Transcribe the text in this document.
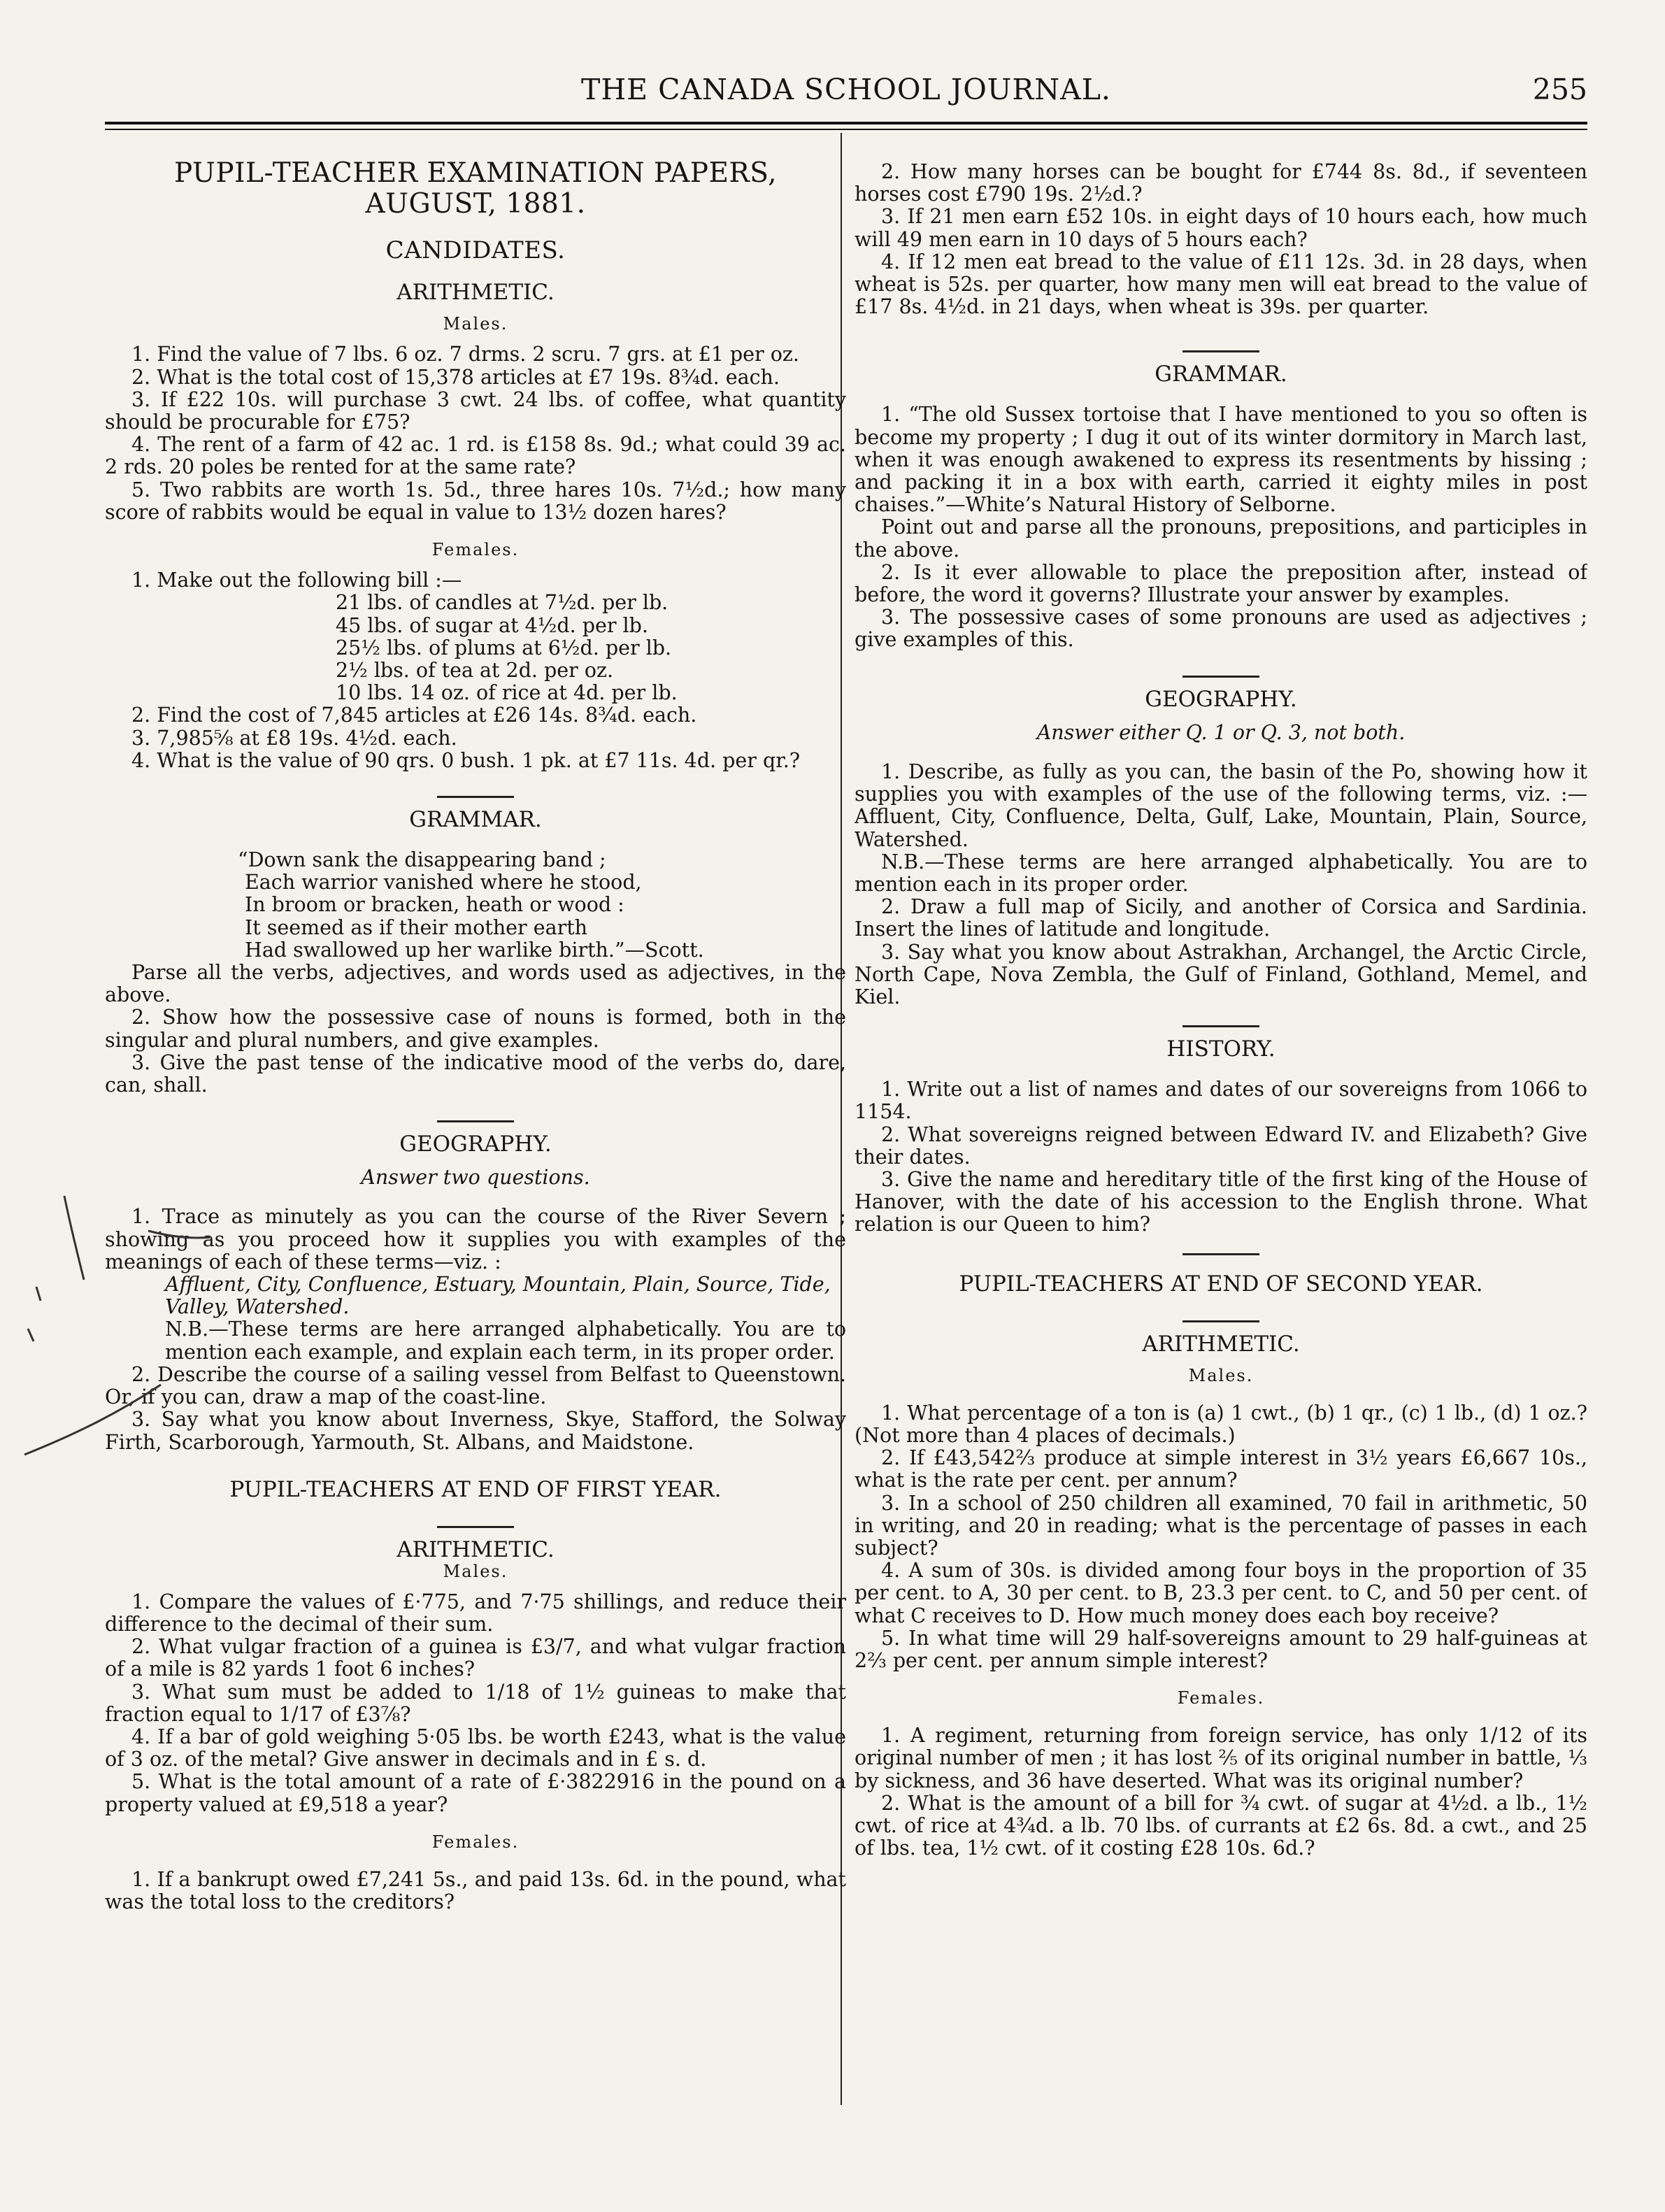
THE CANADA SCHOOL JOURNAL.	255
PUPIL-TEACHER EXAMINATION PAPERS,
AUGUST, 1881.
CANDIDATES.
ARITHMETIC.
Males.

1. Find the value of 7 lbs. 6 oz. 7 drms. 2 scru. 7 grs. at £1 per oz.

2. What is the total cost of 15,378 articles at £7 19s. 8¾d. each.

3. If £22 10s. will purchase 3 cwt. 24 lbs. of coffee, what quantity should be procurable for £75?

4. The rent of a farm of 42 ac. 1 rd. is £158 8s. 9d.; what could 39 ac. 2 rds. 20 poles be rented for at the same rate?

5. Two rabbits are worth 1s. 5d., three hares 10s. 7½d.; how many score of rabbits would be equal in value to 13½ dozen hares?

Females.

1. Make out the following bill :—

21 lbs. of candles at 7½d. per lb.
45 lbs. of sugar at 4½d. per lb.
25½ lbs. of plums at 6½d. per lb.
2½ lbs. of tea at 2d. per oz.
10 lbs. 14 oz. of rice at 4d. per lb.

2. Find the cost of 7,845 articles at £26 14s. 8¾d. each.

3. 7,985⅝ at £8 19s. 4½d. each.

4. What is the value of 90 qrs. 0 bush. 1 pk. at £7 11s. 4d. per qr.?

GRAMMAR.
“Down sank the disappearing band ;
Each warrior vanished where he stood,
In broom or bracken, heath or wood :
It seemed as if their mother earth
Had swallowed up her warlike birth.”—Scott.

Parse all the verbs, adjectives, and words used as adjectives, in the above.

2. Show how the possessive case of nouns is formed, both in the singular and plural numbers, and give examples.

3. Give the past tense of the indicative mood of the verbs do, dare, can, shall.

GEOGRAPHY.
Answer two questions.

1. Trace as minutely as you can the course of the River Severn ; showing as you proceed how it supplies you with examples of the meanings of each of these terms—viz. :

Affluent, City, Confluence, Estuary, Mountain, Plain, Source, Tide, Valley, Watershed.

N.B.—These terms are here arranged alphabetically. You are to mention each example, and explain each term, in its proper order.

2. Describe the course of a sailing vessel from Belfast to Queenstown. Or, if you can, draw a map of the coast-line.

3. Say what you know about Inverness, Skye, Stafford, the Solway Firth, Scarborough, Yarmouth, St. Albans, and Maidstone.

PUPIL-TEACHERS AT END OF FIRST YEAR.
ARITHMETIC.
Males.

1. Compare the values of £·775, and 7·75 shillings, and reduce their difference to the decimal of their sum.

2. What vulgar fraction of a guinea is £3/7, and what vulgar fraction of a mile is 82 yards 1 foot 6 inches?

3. What sum must be added to 1/18 of 1½ guineas to make that fraction equal to 1/17 of £3⅞?

4. If a bar of gold weighing 5·05 lbs. be worth £243, what is the value of 3 oz. of the metal? Give answer in decimals and in £ s. d.

5. What is the total amount of a rate of £·3822916 in the pound on a property valued at £9,518 a year?

Females.

1. If a bankrupt owed £7,241 5s., and paid 13s. 6d. in the pound, what was the total loss to the creditors?

2. How many horses can be bought for £744 8s. 8d., if seventeen horses cost £790 19s. 2½d.?

3. If 21 men earn £52 10s. in eight days of 10 hours each, how much will 49 men earn in 10 days of 5 hours each?

4. If 12 men eat bread to the value of £11 12s. 3d. in 28 days, when wheat is 52s. per quarter, how many men will eat bread to the value of £17 8s. 4½d. in 21 days, when wheat is 39s. per quarter.

GRAMMAR.

1. “The old Sussex tortoise that I have mentioned to you so often is become my property ; I dug it out of its winter dormitory in March last, when it was enough awakened to express its resentments by hissing ; and packing it in a box with earth, carried it eighty miles in post chaises.”—White’s Natural History of Selborne.

Point out and parse all the pronouns, prepositions, and participles in the above.

2. Is it ever allowable to place the preposition after, instead of before, the word it governs? Illustrate your answer by examples.

3. The possessive cases of some pronouns are used as adjectives ; give examples of this.

GEOGRAPHY.
Answer either Q. 1 or Q. 3, not both.

1. Describe, as fully as you can, the basin of the Po, showing how it supplies you with examples of the use of the following terms, viz. :—Affluent, City, Confluence, Delta, Gulf, Lake, Mountain, Plain, Source, Watershed.

N.B.—These terms are here arranged alphabetically. You are to mention each in its proper order.

2. Draw a full map of Sicily, and another of Corsica and Sardinia. Insert the lines of latitude and longitude.

3. Say what you know about Astrakhan, Archangel, the Arctic Circle, North Cape, Nova Zembla, the Gulf of Finland, Gothland, Memel, and Kiel.

HISTORY.

1. Write out a list of names and dates of our sovereigns from 1066 to 1154.

2. What sovereigns reigned between Edward IV. and Elizabeth? Give their dates.

3. Give the name and hereditary title of the first king of the House of Hanover, with the date of his accession to the English throne. What relation is our Queen to him?

PUPIL-TEACHERS AT END OF SECOND YEAR.
ARITHMETIC.
Males.

1. What percentage of a ton is (a) 1 cwt., (b) 1 qr., (c) 1 lb., (d) 1 oz.? (Not more than 4 places of decimals.)

2. If £43,542⅔ produce at simple interest in 3½ years £6,667 10s., what is the rate per cent. per annum?

3. In a school of 250 children all examined, 70 fail in arithmetic, 50 in writing, and 20 in reading; what is the percentage of passes in each subject?

4. A sum of 30s. is divided among four boys in the proportion of 35 per cent. to A, 30 per cent. to B, 23.3 per cent. to C, and 50 per cent. of what C receives to D. How much money does each boy receive?

5. In what time will 29 half-sovereigns amount to 29 half-guineas at 2⅔ per cent. per annum simple interest?

Females.

1. A regiment, returning from foreign service, has only 1/12 of its original number of men ; it has lost ⅖ of its original number in battle, ⅓ by sickness, and 36 have deserted. What was its original number?

2. What is the amount of a bill for ¾ cwt. of sugar at 4½d. a lb., 1½ cwt. of rice at 4¾d. a lb. 70 lbs. of currants at £2 6s. 8d. a cwt., and 25 of lbs. tea, 1½ cwt. of it costing £28 10s. 6d.?
